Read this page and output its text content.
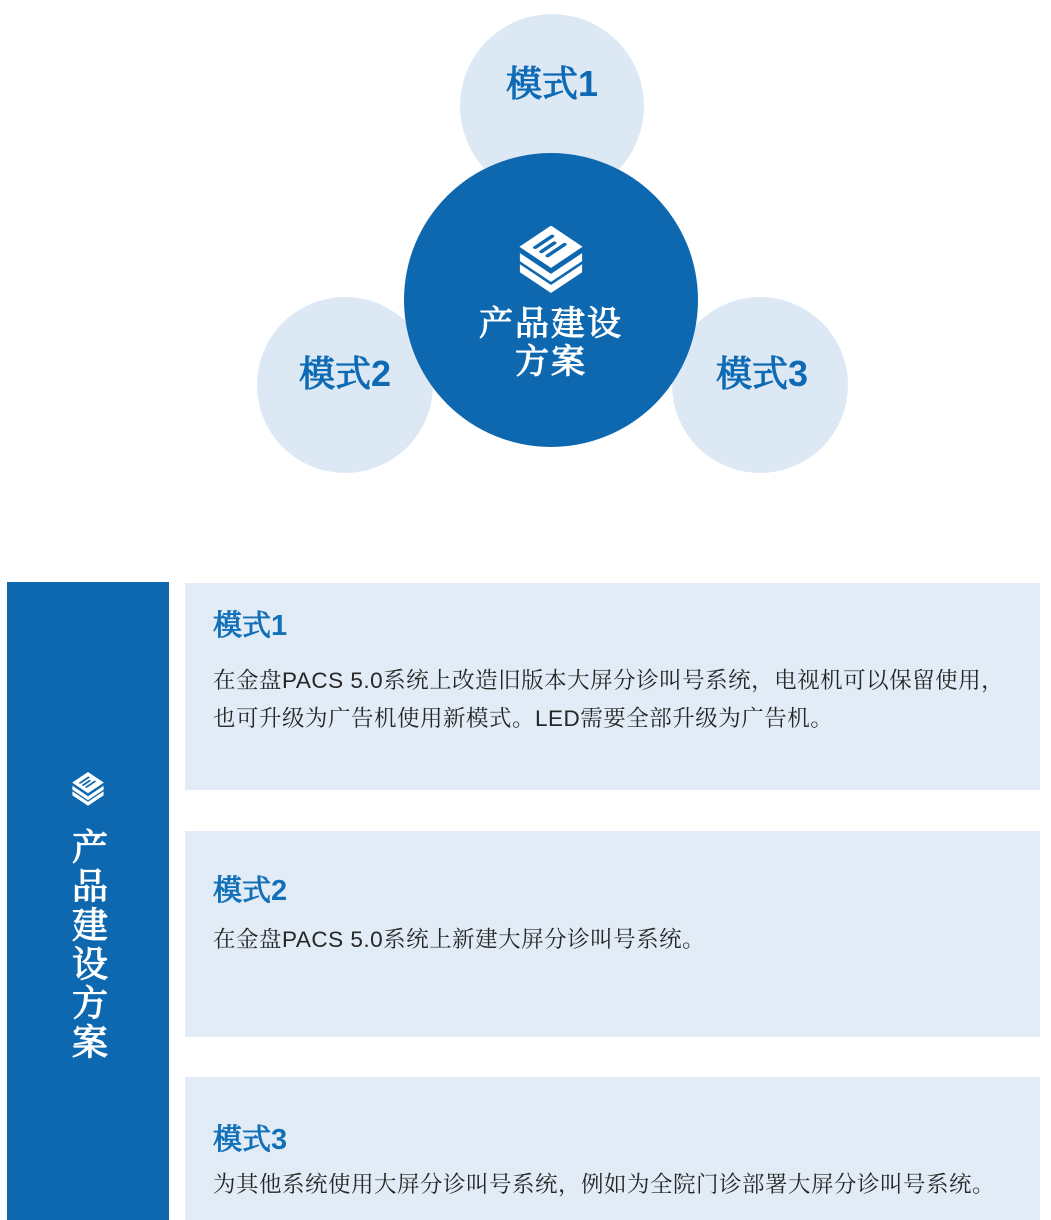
产品建设
方案
模式1
模式2	模式3
产品建设方案
模式1
在金盘PACS 5.0系统上改造旧版本大屏分诊叫号系统，电视机可以保留使用，也可升级为广告机使用新模式。LED需要全部升级为广告机。
模式2
在金盘PACS 5.0系统上新建大屏分诊叫号系统。
模式3
为其他系统使用大屏分诊叫号系统，例如为全院门诊部署大屏分诊叫号系统。
